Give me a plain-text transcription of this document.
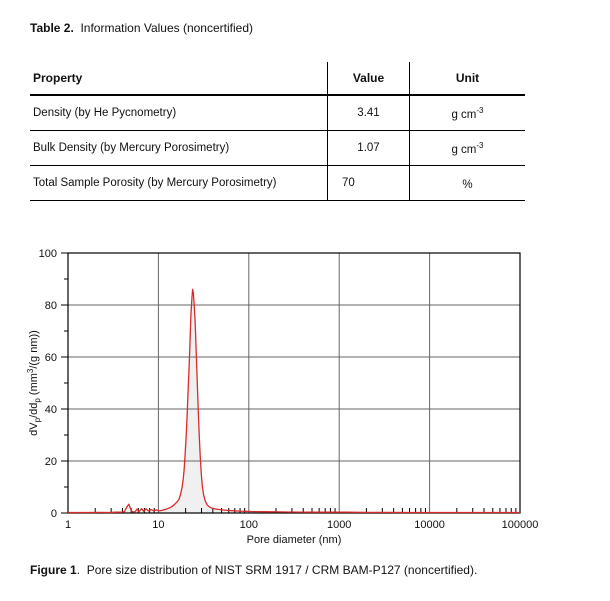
Table 2.  Information Values (noncertified)
Property	Value	Unit
Density (by He Pycnometry)	3.41	g $cm^{-3}$
Bulk Density (by Mercury Porosimetry)	1.07	g $cm^{-3}$
Total Sample Porosity (by Mercury Porosimetry)	70	%
0
20
40
60
80
100
1	10	100	1000	10000	100000
Pore diameter (nm)
$dV_p/dd_p$ ($mm^3/(g$ nm))
Figure 1.  Pore size distribution of NIST SRM 1917 / CRM BAM-P127 (noncertified).
